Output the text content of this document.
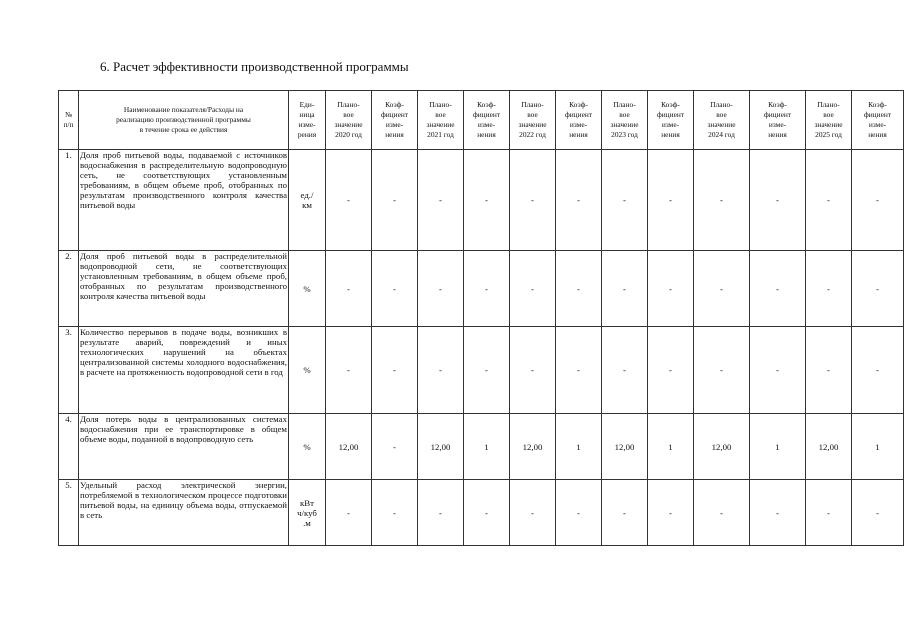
6. Расчет эффективности производственной программы
№
п/п	Наименование показателя/Расходы на
реализацию производственной программы
в течение срока ее действия	Еди-
ница
изме-
рения	Плано-
вое
значение
2020 год	Коэф-
фициент
изме-
нения	Плано-
вое
значение
2021 год	Коэф-
фициент
изме-
нения	Плано-
вое
значение
2022 год	Коэф-
фициент
изме-
нения	Плано-
вое
значение
2023 год	Коэф-
фициент
изме-
нения	Плано-
вое
значение
2024 год	Коэф-
фициент
изме-
нения	Плано-
вое
значение
2025 год	Коэф-
фициент
изме-
нения
1.	Доля проб питьевой воды, подаваемой с источников водоснабжения в распределительную водопроводную сеть, не соответствующих установленным требованиям, в общем объеме проб, отобранных по результатам производственного контроля качества питьевой воды	ед./
км	-	-	-	-	-	-	-	-	-	-	-	-
2.	Доля проб питьевой воды в распределительной водопроводной сети, не соответствующих установленным требованиям, в общем объеме проб, отобранных по результатам производственного контроля качества питьевой воды	%	-	-	-	-	-	-	-	-	-	-	-	-
3.	Количество перерывов в подаче воды, возникших в результате аварий, повреждений и иных технологических нарушений на объектах централизованной системы холодного водоснабжения, в расчете на протяженность водопроводной сети в год	%	-	-	-	-	-	-	-	-	-	-	-	-
4.	Доля потерь воды в централизованных системах водоснабжения при ее транспортировке в общем объеме воды, поданной в водопроводную сеть	%	12,00	-	12,00	1	12,00	1	12,00	1	12,00	1	12,00	1
5.	Удельный расход электрической энергии, потребляемой в технологическом процессе подготовки питьевой воды, на единицу объема воды, отпускаемой в сеть	кВт
ч/куб
.м	-	-	-	-	-	-	-	-	-	-	-	-
